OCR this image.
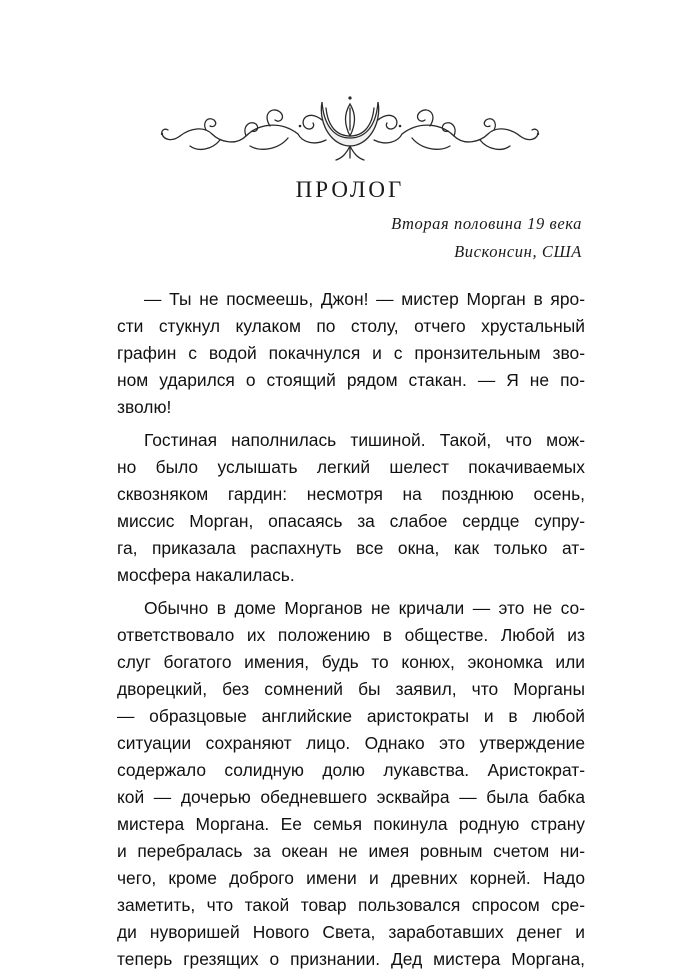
ПРОЛОГ
Вторая половина 19 века
Висконсин, США
— Ты не посмеешь, Джон! — мистер Морган в яро-
сти стукнул кулаком по столу, отчего хрустальный
графин с водой покачнулся и с пронзительным зво-
ном ударился о стоящий рядом стакан. — Я не по-
зволю!
Гостиная наполнилась тишиной. Такой, что мож-
но было услышать легкий шелест покачиваемых
сквозняком гардин: несмотря на позднюю осень,
миссис Морган, опасаясь за слабое сердце супру-
га, приказала распахнуть все окна, как только ат-
мосфера накалилась.
Обычно в доме Морганов не кричали — это не со-
ответствовало их положению в обществе. Любой из
слуг богатого имения, будь то конюх, экономка или
дворецкий, без сомнений бы заявил, что Морганы
— образцовые английские аристократы и в любой
ситуации сохраняют лицо. Однако это утверждение
содержало солидную долю лукавства. Аристократ-
кой — дочерью обедневшего эсквайра — была бабка
мистера Моргана. Ее семья покинула родную страну
и перебралась за океан не имея ровным счетом ни-
чего, кроме доброго имени и древних корней. Надо
заметить, что такой товар пользовался спросом сре-
ди нуворишей Нового Света, заработавших денег и
теперь грезящих о признании. Дед мистера Моргана,
